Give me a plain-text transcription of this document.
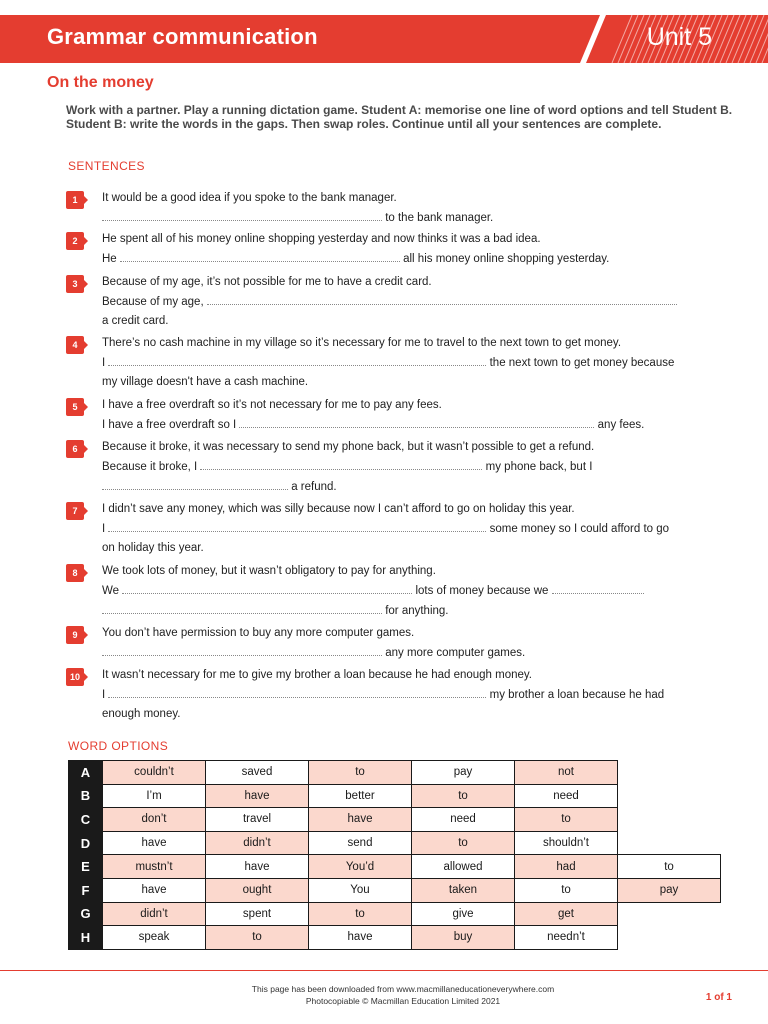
Grammar communication	Unit 5
On the money
Work with a partner. Play a running dictation game. Student A: memorise one line of word options and tell Student B. Student B: write the words in the gaps. Then swap roles. Continue until all your sentences are complete.
SENTENCES
1	It would be a good idea if you spoke to the bank manager.
to the bank manager.
2	He spent all of his money online shopping yesterday and now thinks it was a bad idea.
He	all his money online shopping yesterday.
3	Because of my age, it’s not possible for me to have a credit card.
Because of my age,
a credit card.
4	There’s no cash machine in my village so it’s necessary for me to travel to the next town to get money.
I	the next town to get money because
my village doesn't have a cash machine.
5	I have a free overdraft so it’s not necessary for me to pay any fees.
I have a free overdraft so I	any fees.
6	Because it broke, it was necessary to send my phone back, but it wasn’t possible to get a refund.
Because it broke, I	my phone back, but I
a refund.
7	I didn’t save any money, which was silly because now I can’t afford to go on holiday this year.
I	some money so I could afford to go
on holiday this year.
8	We took lots of money, but it wasn’t obligatory to pay for anything.
We	lots of money because we
for anything.
9	You don’t have permission to buy any more computer games.
any more computer games.
10	It wasn’t necessary for me to give my brother a loan because he had enough money.
I	my brother a loan because he had
enough money.
WORD OPTIONS
A	couldn’t	saved	to	pay	not	
B	I’m	have	better	to	need	
C	don’t	travel	have	need	to	
D	have	didn’t	send	to	shouldn’t	
E	mustn’t	have	You’d	allowed	had	to
F	have	ought	You	taken	to	pay
G	didn’t	spent	to	give	get	
H	speak	to	have	buy	needn’t	
This page has been downloaded from www.macmillaneducationeverywhere.com
Photocopiable © Macmillan Education Limited 2021	1 of 1
